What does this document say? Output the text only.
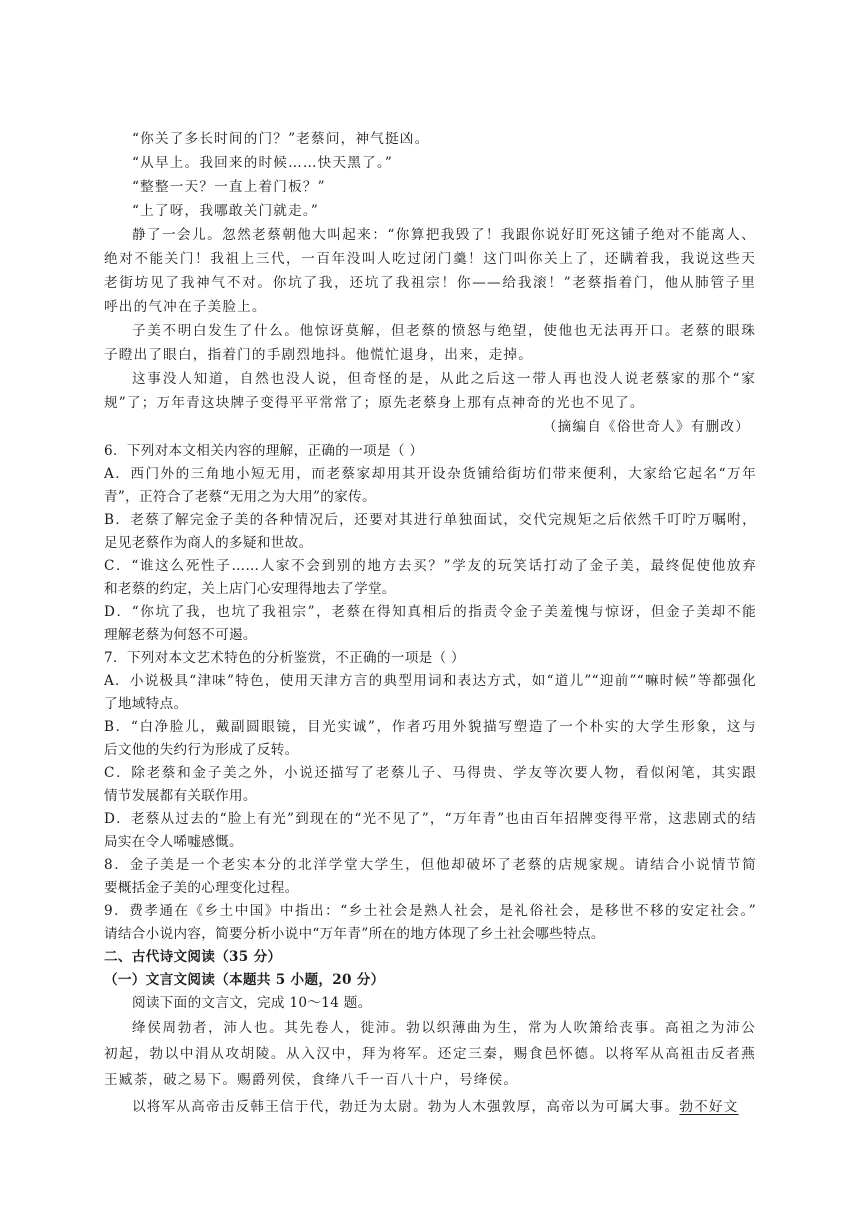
“你关了多长时间的门？”老蔡问，神气挺凶。
“从早上。我回来的时候……快天黑了。”
“整整一天？一直上着门板？”
“上了呀，我哪敢关门就走。”
静了一会儿。忽然老蔡朝他大叫起来：“你算把我毁了！我跟你说好盯死这铺子绝对不能离人、
绝对不能关门！我祖上三代，一百年没叫人吃过闭门羹！这门叫你关上了，还瞒着我，我说这些天
老街坊见了我神气不对。你坑了我，还坑了我祖宗！你——给我滚！”老蔡指着门，他从肺管子里
呼出的气冲在子美脸上。
子美不明白发生了什么。他惊讶莫解，但老蔡的愤怒与绝望，使他也无法再开口。老蔡的眼珠
子瞪出了眼白，指着门的手剧烈地抖。他慌忙退身，出来，走掉。
这事没人知道，自然也没人说，但奇怪的是，从此之后这一带人再也没人说老蔡家的那个“家
规”了；万年青这块牌子变得平平常常了；原先老蔡身上那有点神奇的光也不见了。
（摘编自《俗世奇人》有删改）
6．下列对本文相关内容的理解，正确的一项是（ ）
A．西门外的三角地小短无用，而老蔡家却用其开设杂货铺给街坊们带来便利，大家给它起名“万年
青”，正符合了老蔡“无用之为大用”的家传。
B．老蔡了解完金子美的各种情况后，还要对其进行单独面试，交代完规矩之后依然千叮咛万嘱咐，
足见老蔡作为商人的多疑和世故。
C．“谁这么死性子……人家不会到别的地方去买？”学友的玩笑话打动了金子美，最终促使他放弃
和老蔡的约定，关上店门心安理得地去了学堂。
D．“你坑了我，也坑了我祖宗”，老蔡在得知真相后的指责令金子美羞愧与惊讶，但金子美却不能
理解老蔡为何怒不可遏。
7．下列对本文艺术特色的分析鉴赏，不正确的一项是（ ）
A．小说极具“津味”特色，使用天津方言的典型用词和表达方式，如“道儿”“迎前”“嘛时候”等都强化
了地域特点。
B．“白净脸儿，戴副圆眼镜，目光实诚”，作者巧用外貌描写塑造了一个朴实的大学生形象，这与
后文他的失约行为形成了反转。
C．除老蔡和金子美之外，小说还描写了老蔡儿子、马得贵、学友等次要人物，看似闲笔，其实跟
情节发展都有关联作用。
D．老蔡从过去的“脸上有光”到现在的“光不见了”，“万年青”也由百年招牌变得平常，这悲剧式的结
局实在令人唏嘘感慨。
8．金子美是一个老实本分的北洋学堂大学生，但他却破坏了老蔡的店规家规。请结合小说情节简
要概括金子美的心理变化过程。
9．费孝通在《乡土中国》中指出：“乡土社会是熟人社会，是礼俗社会，是移世不移的安定社会。”
请结合小说内容，简要分析小说中“万年青”所在的地方体现了乡土社会哪些特点。
二、古代诗文阅读（35 分）
（一）文言文阅读（本题共 5 小题，20 分）
阅读下面的文言文，完成 10～14 题。
绛侯周勃者，沛人也。其先卷人，徙沛。勃以织薄曲为生，常为人吹箫给丧事。高祖之为沛公
初起，勃以中涓从攻胡陵。从入汉中，拜为将军。还定三秦，赐食邑怀德。以将军从高祖击反者燕
王臧荼，破之易下。赐爵列侯，食绛八千一百八十户，号绛侯。
以将军从高帝击反韩王信于代，勃迁为太尉。勃为人木强敦厚，高帝以为可属大事。勃不好文
